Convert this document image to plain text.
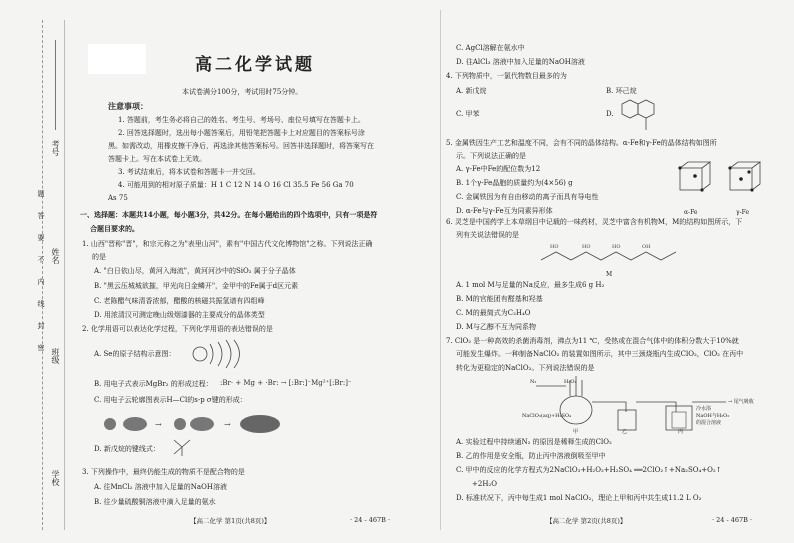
考号
姓名
班级
学校
题
答
要
不
内
线
封
密
高二化学试题
本试卷满分100分，考试用时75分钟。
注意事项：
1. 答题前，考生务必将自己的姓名、考生号、考场号、座位号填写在答题卡上。
2. 回答选择题时，选出每小题答案后，用铅笔把答题卡上对应题目的答案标号涂
黑。如需改动，用橡皮擦干净后，再选涂其他答案标号。回答非选择题时，将答案写在
答题卡上。写在本试卷上无效。
3. 考试结束后，将本试卷和答题卡一并交回。
4. 可能用到的相对原子质量：H 1 C 12 N 14 O 16 Cl 35.5 Fe 56 Ga 70
As 75
一、选择题：本题共14小题，每小题3分，共42分。在每小题给出的四个选项中，只有一项是符
合题目要求的。
1. 山西"晋称"晋"，和宗元称之为"表里山河"，素有"中国古代文化博物馆"之称。下列说法正确
的是
A. "白日依山尽，黄河入海流"，黄河河沙中的SiO₂ 属于分子晶体
B. "黑云压城城欲摧，甲光向日金鳞开"，金甲中的Fe属于d区元素
C. 老陈醋气味清香浓郁，醋酸的核磁共振氢谱有四组峰
D. 用浓清汉可测定晚山级烟漆器的主要成分的晶体类型
2. 化学用语可以表达化学过程，下列化学用语的表达错误的是
A. Se的原子结构示意图：
B. 用电子式表示MgBr₂ 的形成过程： :Br· + Mg + ·Br: → [:Br:]⁻Mg²⁺[:Br:]⁻
C. 用电子云轮廓图表示H—Cl的s-p σ键的形成：
→	→
D. 新戊烷的键线式：
3. 下列操作中，最终仍能生成的物质不是配合物的是
A. 往MnCl₂ 溶液中加入足量的NaOH溶液
B. 往少量硫酸铜溶液中滴入足量的氨水
【高二化学 第1页(共8页)】	· 24 - 467B ·
C. AgCl溶解在氨水中
D. 往AlCl₃ 溶液中加入足量的NaOH溶液
4. 下列物质中，一氯代物数目最多的为
A. 新戊烷	B. 环己烷
C. 甲苯	D.
5. 金属铁因生产工艺和温度不同，会有不同的晶体结构。α-Fe和γ-Fe的晶体结构如图所
示。下列说法正确的是
A. γ-Fe中Fe的配位数为12
B. 1个γ-Fe晶胞的质量约为(4×56) g
C. 金属铁因为有自由移动的离子而具有导电性
D. α-Fe与γ-Fe互为同素异形体	α-Fe	γ-Fe
6. 灵芝是中国药学上本草纲目中记载的一味药材，灵芝中富含有机物M，M的结构如图所示，下
列有关说法错误的是
HO	HO	HO	OH
M
A. 1 mol M与足量的Na反应，最多生成6 g H₂
B. M的官能团有醛基和羟基
C. M的最简式为C₂H₄O
D. M与乙醇不互为同系物
7. ClO₂ 是一种高效的杀菌消毒剂，沸点为11 ℃，受热或在混合气体中的体积分数大于10%就
可能发生爆炸。一种制备NaClO₂ 的装置如图所示，其中三颈烧瓶内生成ClO₂，ClO₂ 在丙中
转化为更稳定的NaClO₂。下列说法错误的是
N₂
NaClO₃(aq)+H₂SO₄
甲	乙	丙
→ 尾气吸收
冷水浴
NaOH与H₂O₂
的混合溶液
H₂O₂
A. 实验过程中持续通N₂ 的原因是稀释生成的ClO₂
B. 乙的作用是安全瓶，防止丙中溶液倒吸至甲中
C. 甲中的反应的化学方程式为2NaClO₃+H₂O₂+H₂SO₄ ══2ClO₂↑+Na₂SO₄+O₂↑
+2H₂O
D. 标准状况下，丙中每生成1 mol NaClO₂，理论上甲和丙中共生成11.2 L O₂
【高二化学 第2页(共8页)】	· 24 - 467B ·
